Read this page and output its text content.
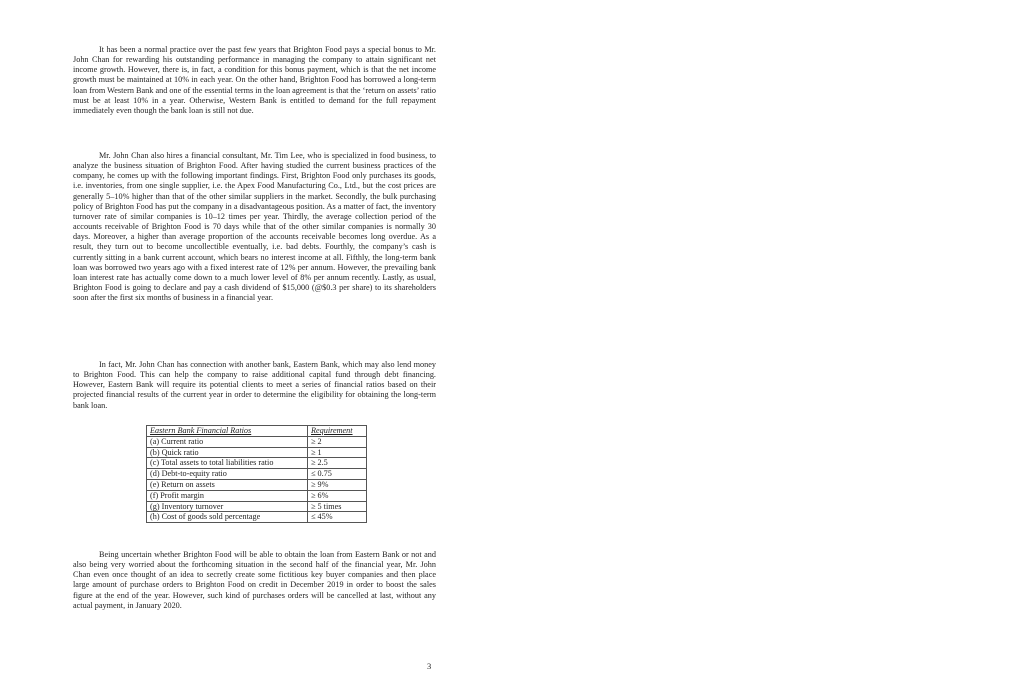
It has been a normal practice over the past few years that Brighton Food pays a special bonus to Mr. John Chan for rewarding his outstanding performance in managing the company to attain significant net income growth. However, there is, in fact, a condition for this bonus payment, which is that the net income growth must be maintained at 10% in each year. On the other hand, Brighton Food has borrowed a long-term loan from Western Bank and one of the essential terms in the loan agreement is that the ‘return on assets’ ratio must be at least 10% in a year. Otherwise, Western Bank is entitled to demand for the full repayment immediately even though the bank loan is still not due.

Mr. John Chan also hires a financial consultant, Mr. Tim Lee, who is specialized in food business, to analyze the business situation of Brighton Food. After having studied the current business practices of the company, he comes up with the following important findings. First, Brighton Food only purchases its goods, i.e. inventories, from one single supplier, i.e. the Apex Food Manufacturing Co., Ltd., but the cost prices are generally 5–10% higher than that of the other similar suppliers in the market. Secondly, the bulk purchasing policy of Brighton Food has put the company in a disadvantageous position. As a matter of fact, the inventory turnover rate of similar companies is 10–12 times per year. Thirdly, the average collection period of the accounts receivable of Brighton Food is 70 days while that of the other similar companies is normally 30 days. Moreover, a higher than average proportion of the accounts receivable becomes long overdue. As a result, they turn out to become uncollectible eventually, i.e. bad debts. Fourthly, the company’s cash is currently sitting in a bank current account, which bears no interest income at all. Fifthly, the long-term bank loan was borrowed two years ago with a fixed interest rate of 12% per annum. However, the prevailing bank loan interest rate has actually come down to a much lower level of 8% per annum recently. Lastly, as usual, Brighton Food is going to declare and pay a cash dividend of $15,000 (@$0.3 per share) to its shareholders soon after the first six months of business in a financial year.

In fact, Mr. John Chan has connection with another bank, Eastern Bank, which may also lend money to Brighton Food. This can help the company to raise additional capital fund through debt financing. However, Eastern Bank will require its potential clients to meet a series of financial ratios based on their projected financial results of the current year in order to determine the eligibility for obtaining the long-term bank loan.

Eastern Bank Financial Ratios	Requirement
(a) Current ratio	≥ 2
(b) Quick ratio	≥ 1
(c) Total assets to total liabilities ratio	≥ 2.5
(d) Debt-to-equity ratio	≤ 0.75
(e) Return on assets	≥ 9%
(f) Profit margin	≥ 6%
(g) Inventory turnover	≥ 5 times
(h) Cost of goods sold percentage	≤ 45%

Being uncertain whether Brighton Food will be able to obtain the loan from Eastern Bank or not and also being very worried about the forthcoming situation in the second half of the financial year, Mr. John Chan even once thought of an idea to secretly create some fictitious key buyer companies and then place large amount of purchase orders to Brighton Food on credit in December 2019 in order to boost the sales figure at the end of the year. However, such kind of purchases orders will be cancelled at last, without any actual payment, in January 2020.

3
